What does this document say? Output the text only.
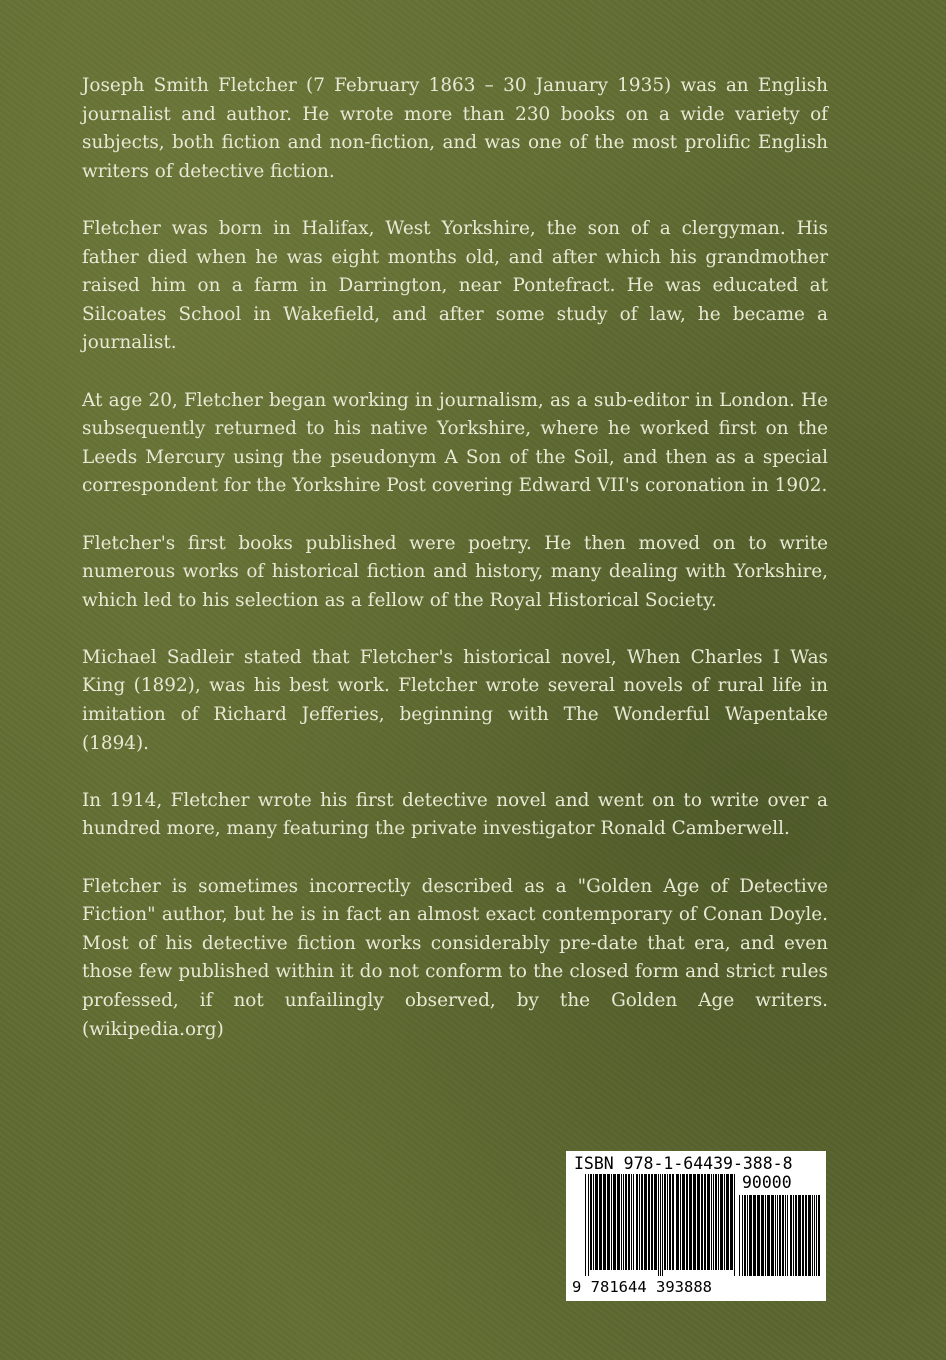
Joseph Smith Fletcher (7 February 1863 – 30 January 1935) was an English journalist and author. He wrote more than 230 books on a wide variety of subjects, both fiction and non-fiction, and was one of the most prolific English writers of detective fiction.

Fletcher was born in Halifax, West Yorkshire, the son of a clergyman. His father died when he was eight months old, and after which his grandmother raised him on a farm in Darrington, near Pontefract. He was educated at Silcoates School in Wakefield, and after some study of law, he became a journalist.

At age 20, Fletcher began working in journalism, as a sub-editor in London. He subsequently returned to his native Yorkshire, where he worked first on the Leeds Mercury using the pseudonym A Son of the Soil, and then as a special correspondent for the Yorkshire Post covering Edward VII's coronation in 1902.

Fletcher's first books published were poetry. He then moved on to write numerous works of historical fiction and history, many dealing with Yorkshire, which led to his selection as a fellow of the Royal Historical Society.

Michael Sadleir stated that Fletcher's historical novel, When Charles I Was King (1892), was his best work. Fletcher wrote several novels of rural life in imitation of Richard Jefferies, beginning with The Wonderful Wapentake (1894).

In 1914, Fletcher wrote his first detective novel and went on to write over a hundred more, many featuring the private investigator Ronald Camberwell.

Fletcher is sometimes incorrectly described as a "Golden Age of Detective Fiction" author, but he is in fact an almost exact contemporary of Conan Doyle. Most of his detective fiction works considerably pre-date that era, and even those few published within it do not conform to the closed form and strict rules professed, if not unfailingly observed, by the Golden Age writers. (wikipedia.org)

ISBN 978-1-64439-388-8
90000
9 781644 393888
